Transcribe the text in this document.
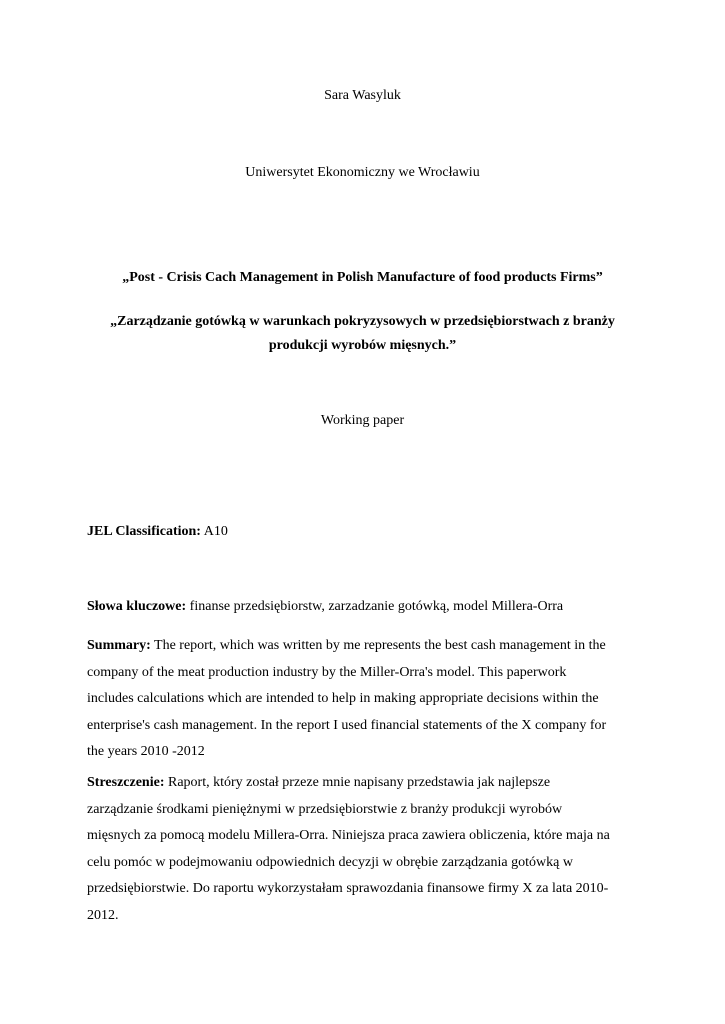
Sara Wasyluk

Uniwersytet Ekonomiczny we Wrocławiu

„Post - Crisis Cach Management in Polish Manufacture of food products Firms”

„Zarządzanie gotówką w warunkach pokryzysowych w przedsiębiorstwach z branży
produkcji wyrobów mięsnych.”

Working paper

JEL Classification: A10

Słowa kluczowe: finanse przedsiębiorstw, zarzadzanie gotówką, model Millera-Orra

Summary: The report, which was written by me represents the best cash management in the
company of the meat production industry by the Miller-Orra's model. This paperwork
includes calculations which are intended to help in making appropriate decisions within the
enterprise's cash management. In the report I used financial statements of the X company for
the years 2010 -2012
Streszczenie: Raport, który został przeze mnie napisany przedstawia jak najlepsze
zarządzanie środkami pieniężnymi w przedsiębiorstwie z branży produkcji wyrobów
mięsnych za pomocą modelu Millera-Orra. Niniejsza praca zawiera obliczenia, które maja na
celu pomóc w podejmowaniu odpowiednich decyzji w obrębie zarządzania gotówką w
przedsiębiorstwie. Do raportu wykorzystałam sprawozdania finansowe firmy X za lata 2010-
2012.
